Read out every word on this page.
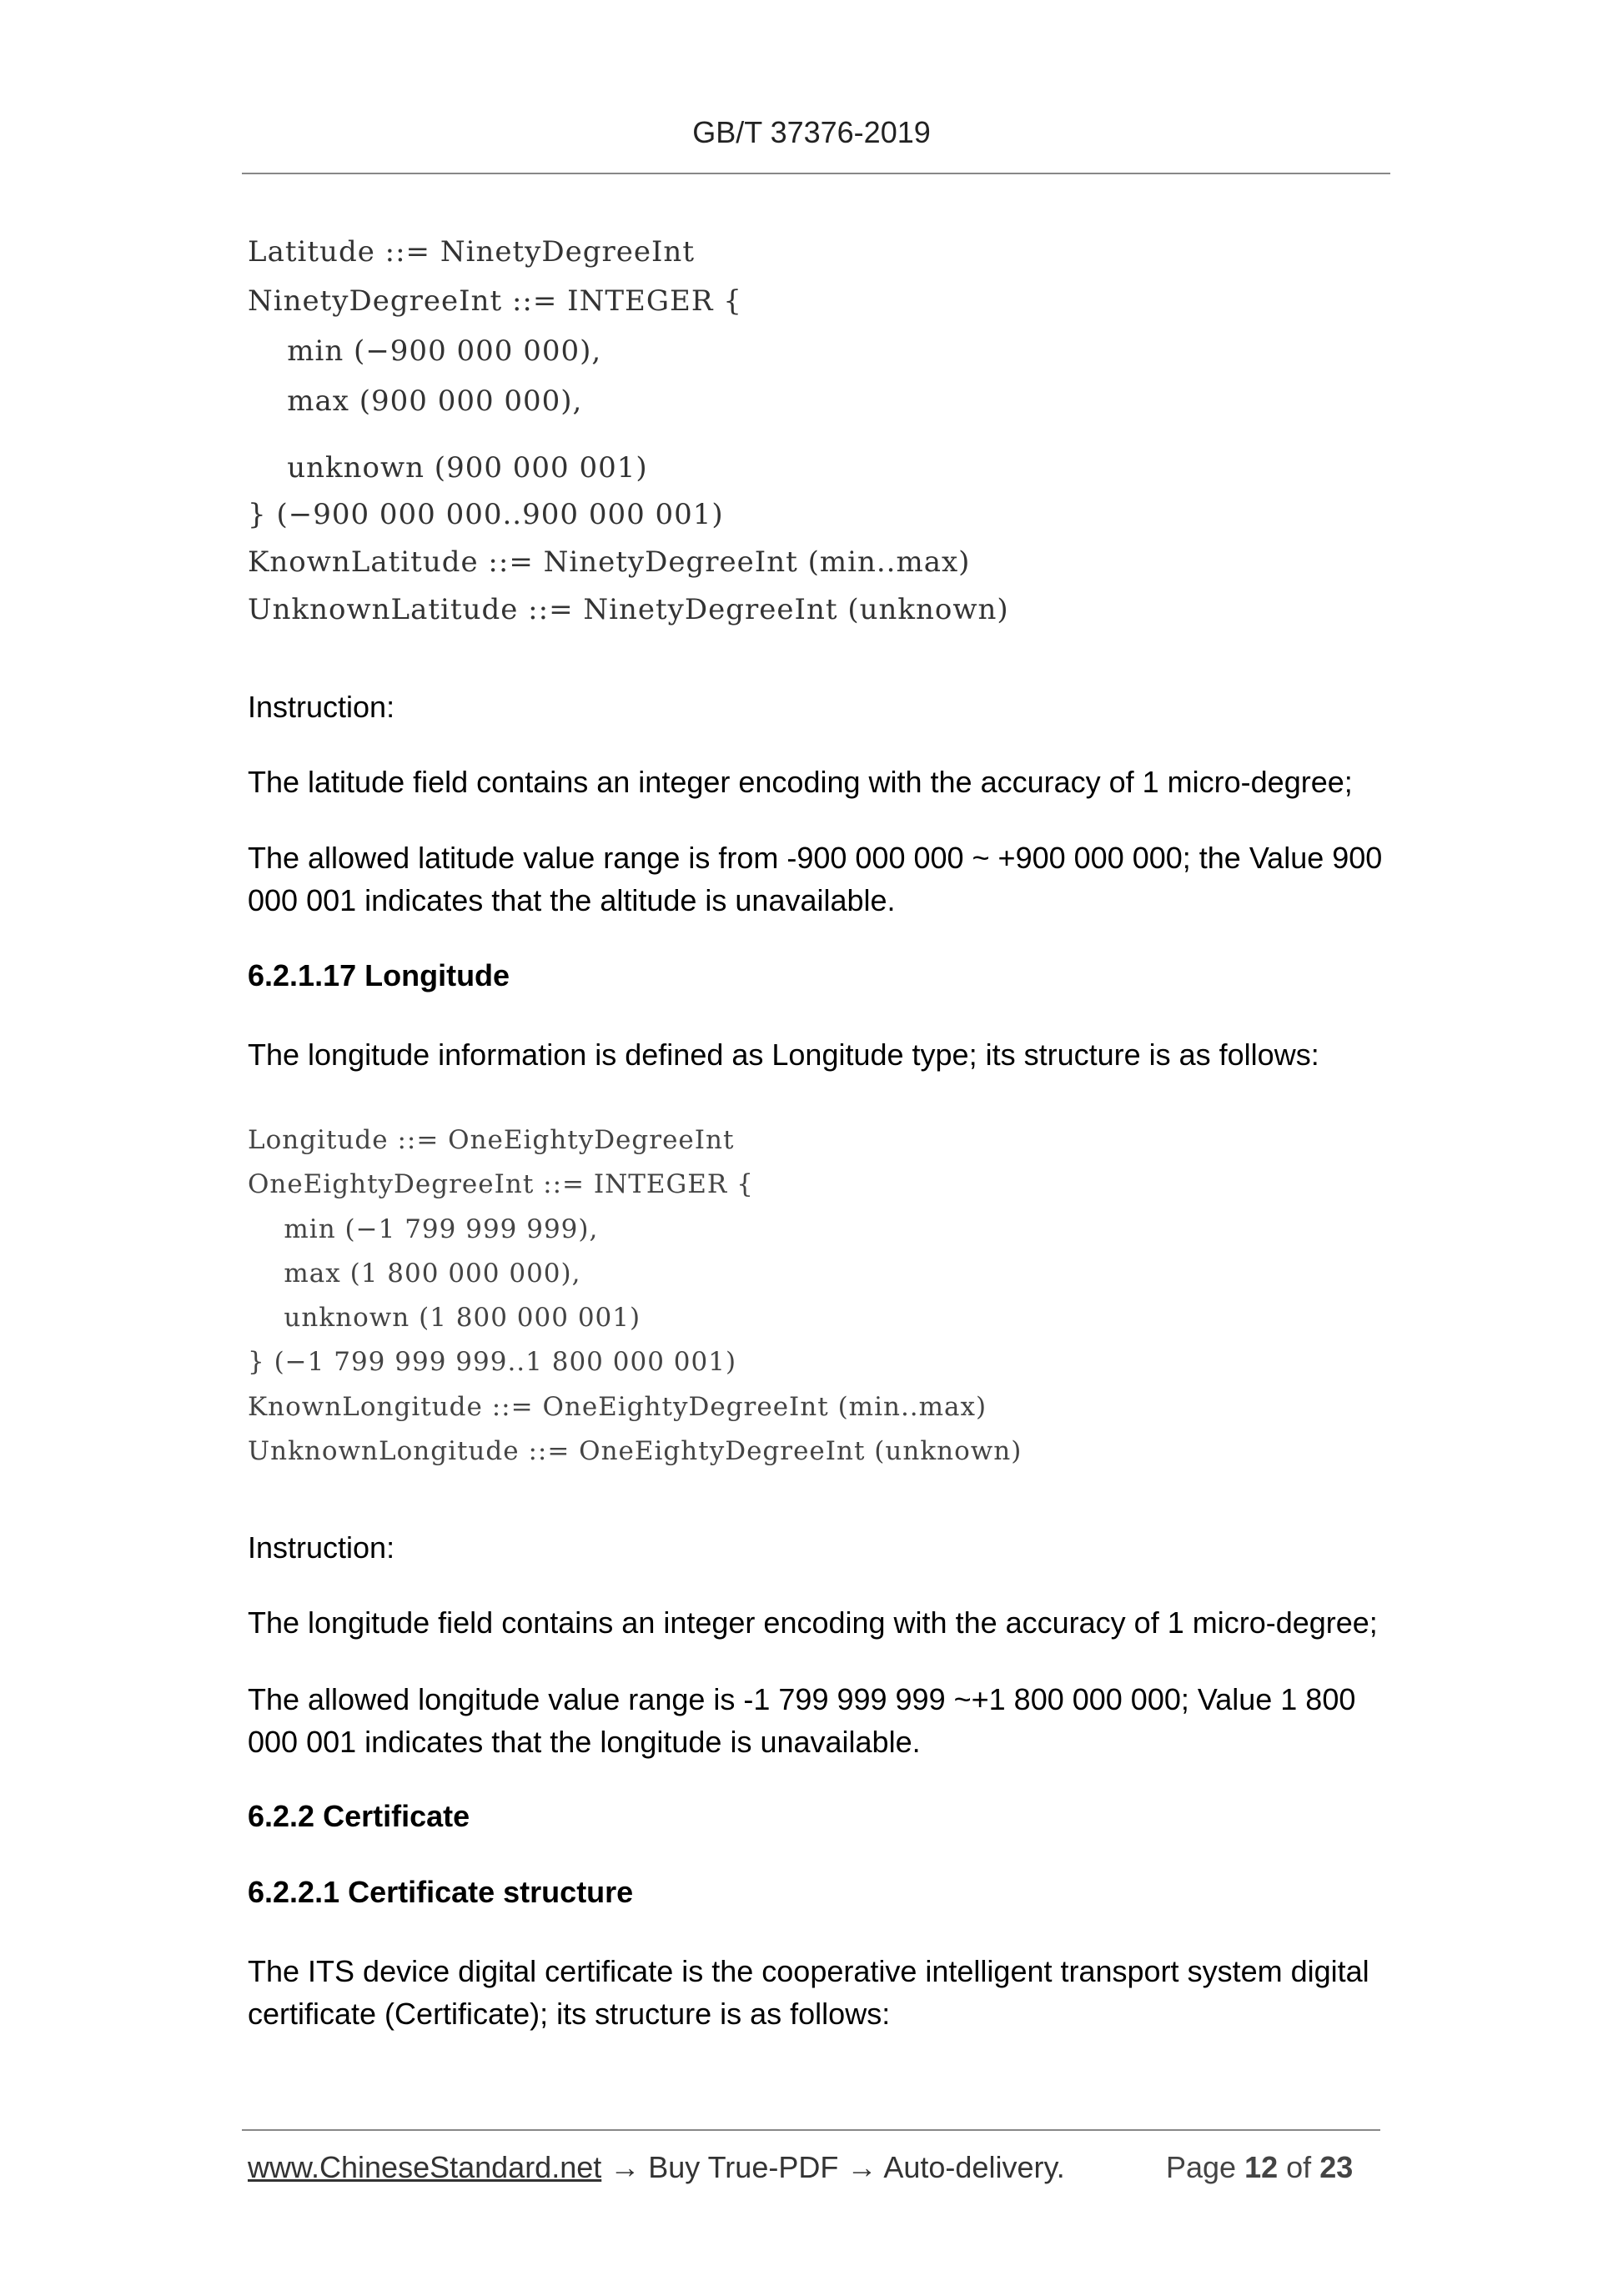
GB/T 37376-2019
Latitude ::= NinetyDegreeInt
NinetyDegreeInt ::= INTEGER {
min (−900 000 000),
max (900 000 000),
unknown (900 000 001)
} (−900 000 000..900 000 001)
KnownLatitude ::= NinetyDegreeInt (min..max)
UnknownLatitude ::= NinetyDegreeInt (unknown)
Instruction:
The latitude field contains an integer encoding with the accuracy of 1 micro-degree;
The allowed latitude value range is from -900 000 000 ~ +900 000 000; the Value 900 000 001 indicates that the altitude is unavailable.
6.2.1.17 Longitude
The longitude information is defined as Longitude type; its structure is as follows:
Longitude ::= OneEightyDegreeInt
OneEightyDegreeInt ::= INTEGER {
min (−1 799 999 999),
max (1 800 000 000),
unknown (1 800 000 001)
} (−1 799 999 999..1 800 000 001)
KnownLongitude ::= OneEightyDegreeInt (min..max)
UnknownLongitude ::= OneEightyDegreeInt (unknown)
Instruction:
The longitude field contains an integer encoding with the accuracy of 1 micro-degree;
The allowed longitude value range is -1 799 999 999 ~+1 800 000 000; Value 1 800 000 001 indicates that the longitude is unavailable.
6.2.2 Certificate
6.2.2.1 Certificate structure
The ITS device digital certificate is the cooperative intelligent transport system digital certificate (Certificate); its structure is as follows:
www.ChineseStandard.net → Buy True-PDF → Auto-delivery.	Page 12 of 23
